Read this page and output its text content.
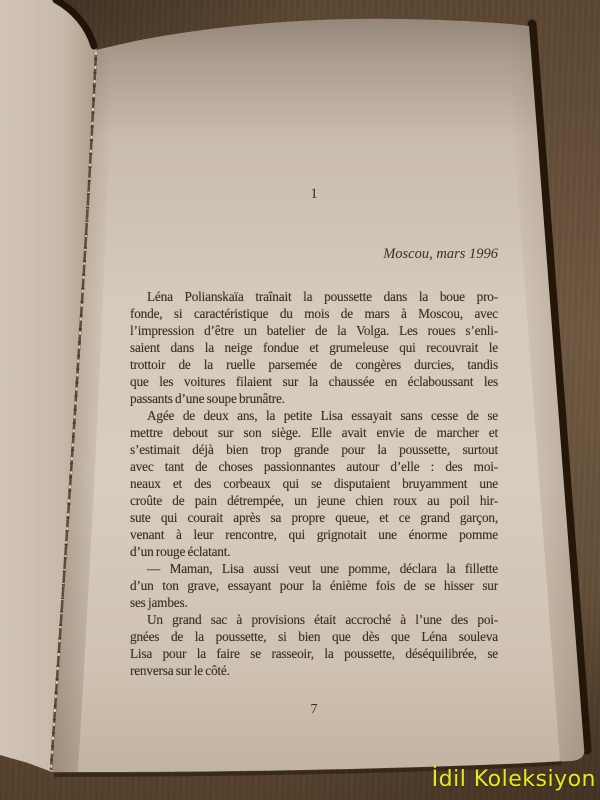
1
Moscou, mars 1996
Léna Polianskaïa traînait la poussette dans la boue pro-
fonde, si caractéristique du mois de mars à Moscou, avec
l’impression d’être un batelier de la Volga. Les roues s’enli-
saient dans la neige fondue et grumeleuse qui recouvrait le
trottoir de la ruelle parsemée de congères durcies, tandis
que les voitures filaient sur la chaussée en éclaboussant les
passants d’une soupe brunâtre.
Agée de deux ans, la petite Lisa essayait sans cesse de se
mettre debout sur son siège. Elle avait envie de marcher et
s’estimait déjà bien trop grande pour la poussette, surtout
avec tant de choses passionnantes autour d’elle : des moi-
neaux et des corbeaux qui se disputaient bruyamment une
croûte de pain détrempée, un jeune chien roux au poil hir-
sute qui courait après sa propre queue, et ce grand garçon,
venant à leur rencontre, qui grignotait une énorme pomme
d’un rouge éclatant.
— Maman, Lisa aussi veut une pomme, déclara la fillette
d’un ton grave, essayant pour la énième fois de se hisser sur
ses jambes.
Un grand sac à provisions était accroché à l’une des poi-
gnées de la poussette, si bien que dès que Léna souleva
Lisa pour la faire se rasseoir, la poussette, déséquilibrée, se
renversa sur le côté.
7
İdil Koleksiyon
